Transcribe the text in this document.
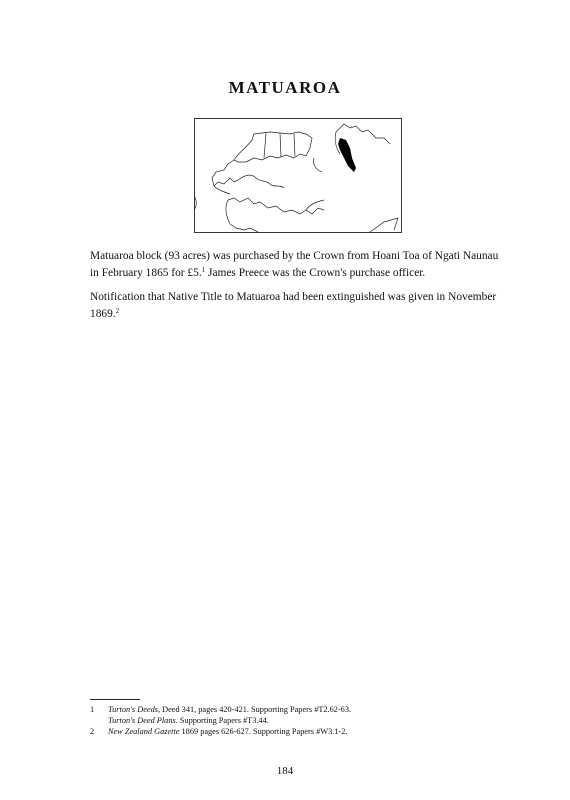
MATUAROA

Matuaroa block (93 acres) was purchased by the Crown from Hoani Toa of Ngati Naunau in February 1865 for £5.$^1$ James Preece was the Crown's purchase officer.

Notification that Native Title to Matuaroa had been extinguished was given in November 1869.$^2$

1 Turton's Deeds, Deed 341, pages 420-421. Supporting Papers #T2.62-63.
Turton's Deed Plans. Supporting Papers #T3.44.
2 New Zealand Gazette 1869 pages 626-627. Supporting Papers #W3.1-2.
184
